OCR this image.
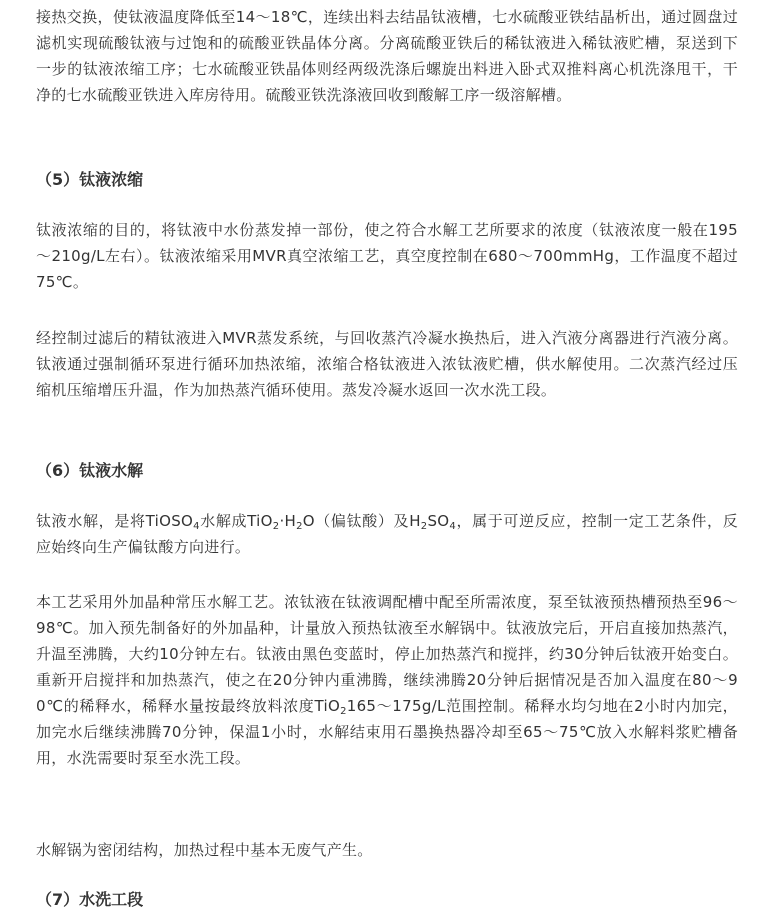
接热交换，使钛液温度降低至14～18℃，连续出料去结晶钛液槽，七水硫酸亚铁结晶析出，通过圆盘过滤机实现硫酸钛液与过饱和的硫酸亚铁晶体分离。分离硫酸亚铁后的稀钛液进入稀钛液贮槽，泵送到下一步的钛液浓缩工序；七水硫酸亚铁晶体则经两级洗涤后螺旋出料进入卧式双推料离心机洗涤甩干，干净的七水硫酸亚铁进入库房待用。硫酸亚铁洗涤液回收到酸解工序一级溶解槽。

（5）钛液浓缩

钛液浓缩的目的，将钛液中水份蒸发掉一部份，使之符合水解工艺所要求的浓度（钛液浓度一般在195～210g/L左右）。钛液浓缩采用MVR真空浓缩工艺，真空度控制在680～700mmHg，工作温度不超过75℃。

经控制过滤后的精钛液进入MVR蒸发系统，与回收蒸汽冷凝水换热后，进入汽液分离器进行汽液分离。钛液通过强制循环泵进行循环加热浓缩，浓缩合格钛液进入浓钛液贮槽，供水解使用。二次蒸汽经过压缩机压缩增压升温，作为加热蒸汽循环使用。蒸发冷凝水返回一次水洗工段。

（6）钛液水解

钛液水解，是将TiOSO$_4$水解成$TiO_2\cdot H_2O$（偏钛酸）及$H_2SO_4$，属于可逆反应，控制一定工艺条件，反应始终向生产偏钛酸方向进行。

本工艺采用外加晶种常压水解工艺。浓钛液在钛液调配槽中配至所需浓度，泵至钛液预热槽预热至96～98℃。加入预先制备好的外加晶种，计量放入预热钛液至水解锅中。钛液放完后，开启直接加热蒸汽，升温至沸腾，大约10分钟左右。钛液由黑色变蓝时，停止加热蒸汽和搅拌，约30分钟后钛液开始变白。重新开启搅拌和加热蒸汽，使之在20分钟内重沸腾，继续沸腾20分钟后据情况是否加入温度在80～90℃的稀释水，稀释水量按最终放料浓度TiO$_2$165～175g/L范围控制。稀释水均匀地在2小时内加完，加完水后继续沸腾70分钟，保温1小时，水解结束用石墨换热器冷却至65～75℃放入水解料浆贮槽备用，水洗需要时泵至水洗工段。

水解锅为密闭结构，加热过程中基本无废气产生。

（7）水洗工段
